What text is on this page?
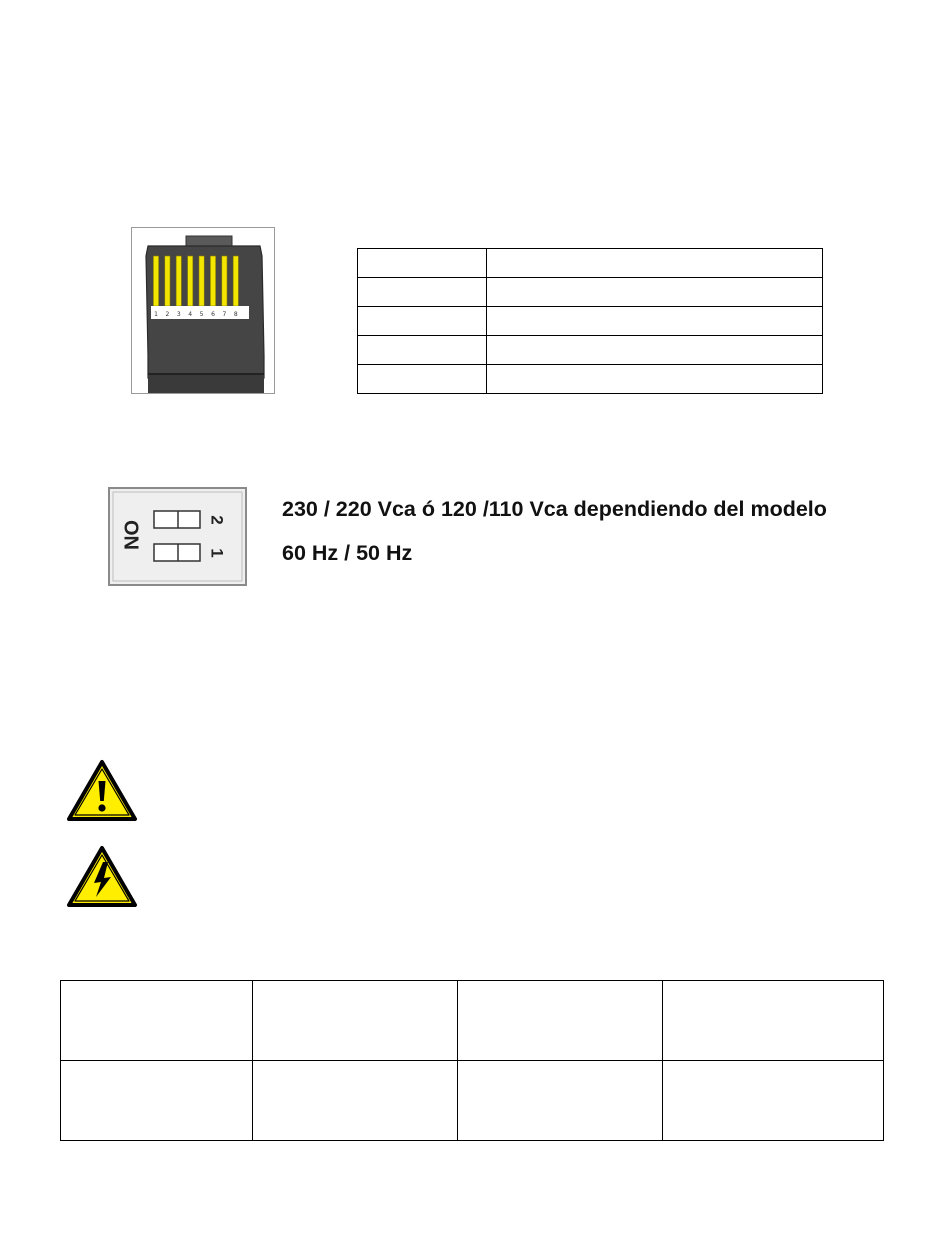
1 2 3 4 5 6 7 8

ON	2
1
230 / 220 Vca ó 120 /110 Vca dependiendo del modelo
60 Hz / 50 Hz
